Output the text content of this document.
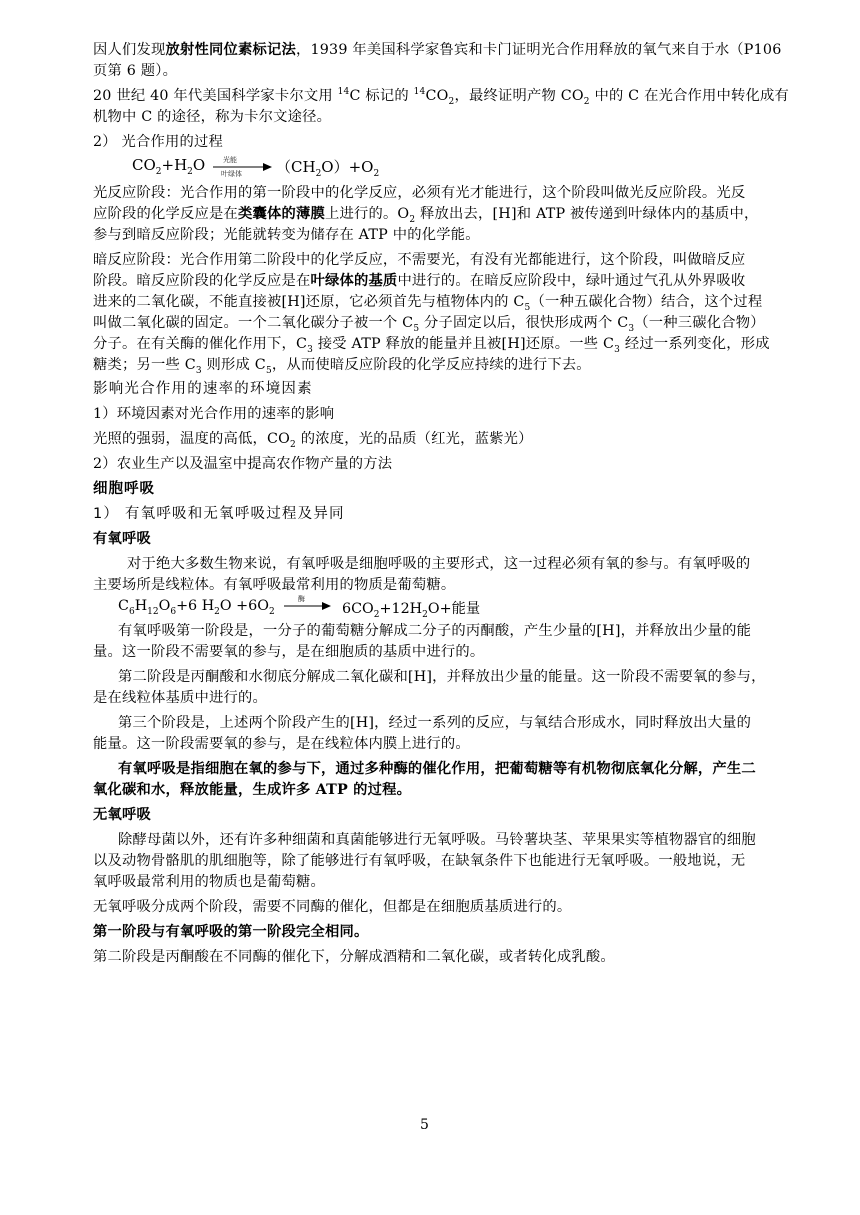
因人们发现放射性同位素标记法，1939 年美国科学家鲁宾和卡门证明光合作用释放的氧气来自于水（P106
页第 6 题）。
20 世纪 40 年代美国科学家卡尔文用 $^{14}$C 标记的 $^{14}CO_2$，最终证明产物 $CO_2$ 中的 C 在光合作用中转化成有
机物中 C 的途径，称为卡尔文途径。
2） 光合作用的过程
$CO_2+H_2O$	光能
叶绿体 $(CH_2O)+O_2$
光反应阶段：光合作用的第一阶段中的化学反应，必须有光才能进行，这个阶段叫做光反应阶段。光反
应阶段的化学反应是在类囊体的薄膜上进行的。$O_2$ 释放出去，[H]和 ATP 被传递到叶绿体内的基质中，
参与到暗反应阶段；光能就转变为储存在 ATP 中的化学能。
暗反应阶段：光合作用第二阶段中的化学反应，不需要光，有没有光都能进行，这个阶段，叫做暗反应
阶段。暗反应阶段的化学反应是在叶绿体的基质中进行的。在暗反应阶段中，绿叶通过气孔从外界吸收
进来的二氧化碳，不能直接被[H]还原，它必须首先与植物体内的 $C_5$（一种五碳化合物）结合，这个过程
叫做二氧化碳的固定。一个二氧化碳分子被一个 $C_5$ 分子固定以后，很快形成两个 $C_3$（一种三碳化合物）
分子。在有关酶的催化作用下，$C_3$ 接受 ATP 释放的能量并且被[H]还原。一些 $C_3$ 经过一系列变化，形成
糖类；另一些 $C_3$ 则形成 $C_5$，从而使暗反应阶段的化学反应持续的进行下去。
影响光合作用的速率的环境因素
1）环境因素对光合作用的速率的影响
光照的强弱，温度的高低，$CO_2$ 的浓度，光的品质（红光，蓝紫光）
2）农业生产以及温室中提高农作物产量的方法
细胞呼吸
1） 有氧呼吸和无氧呼吸过程及异同
有氧呼吸
对于绝大多数生物来说，有氧呼吸是细胞呼吸的主要形式，这一过程必须有氧的参与。有氧呼吸的
主要场所是线粒体。有氧呼吸最常利用的物质是葡萄糖。
$C_6H_{12}O_6+6$ $H_2O +6O_2$
酶
$6CO_2+12H_2O+$能量
有氧呼吸第一阶段是，一分子的葡萄糖分解成二分子的丙酮酸，产生少量的[H]，并释放出少量的能
量。这一阶段不需要氧的参与，是在细胞质的基质中进行的。
第二阶段是丙酮酸和水彻底分解成二氧化碳和[H]，并释放出少量的能量。这一阶段不需要氧的参与，
是在线粒体基质中进行的。
第三个阶段是，上述两个阶段产生的[H]，经过一系列的反应，与氧结合形成水，同时释放出大量的
能量。这一阶段需要氧的参与，是在线粒体内膜上进行的。
有氧呼吸是指细胞在氧的参与下，通过多种酶的催化作用，把葡萄糖等有机物彻底氧化分解，产生二
氧化碳和水，释放能量，生成许多 ATP 的过程。
无氧呼吸
除酵母菌以外，还有许多种细菌和真菌能够进行无氧呼吸。马铃薯块茎、苹果果实等植物器官的细胞
以及动物骨骼肌的肌细胞等，除了能够进行有氧呼吸，在缺氧条件下也能进行无氧呼吸。一般地说，无
氧呼吸最常利用的物质也是葡萄糖。
无氧呼吸分成两个阶段，需要不同酶的催化，但都是在细胞质基质进行的。
第一阶段与有氧呼吸的第一阶段完全相同。
第二阶段是丙酮酸在不同酶的催化下，分解成酒精和二氧化碳，或者转化成乳酸。
5
